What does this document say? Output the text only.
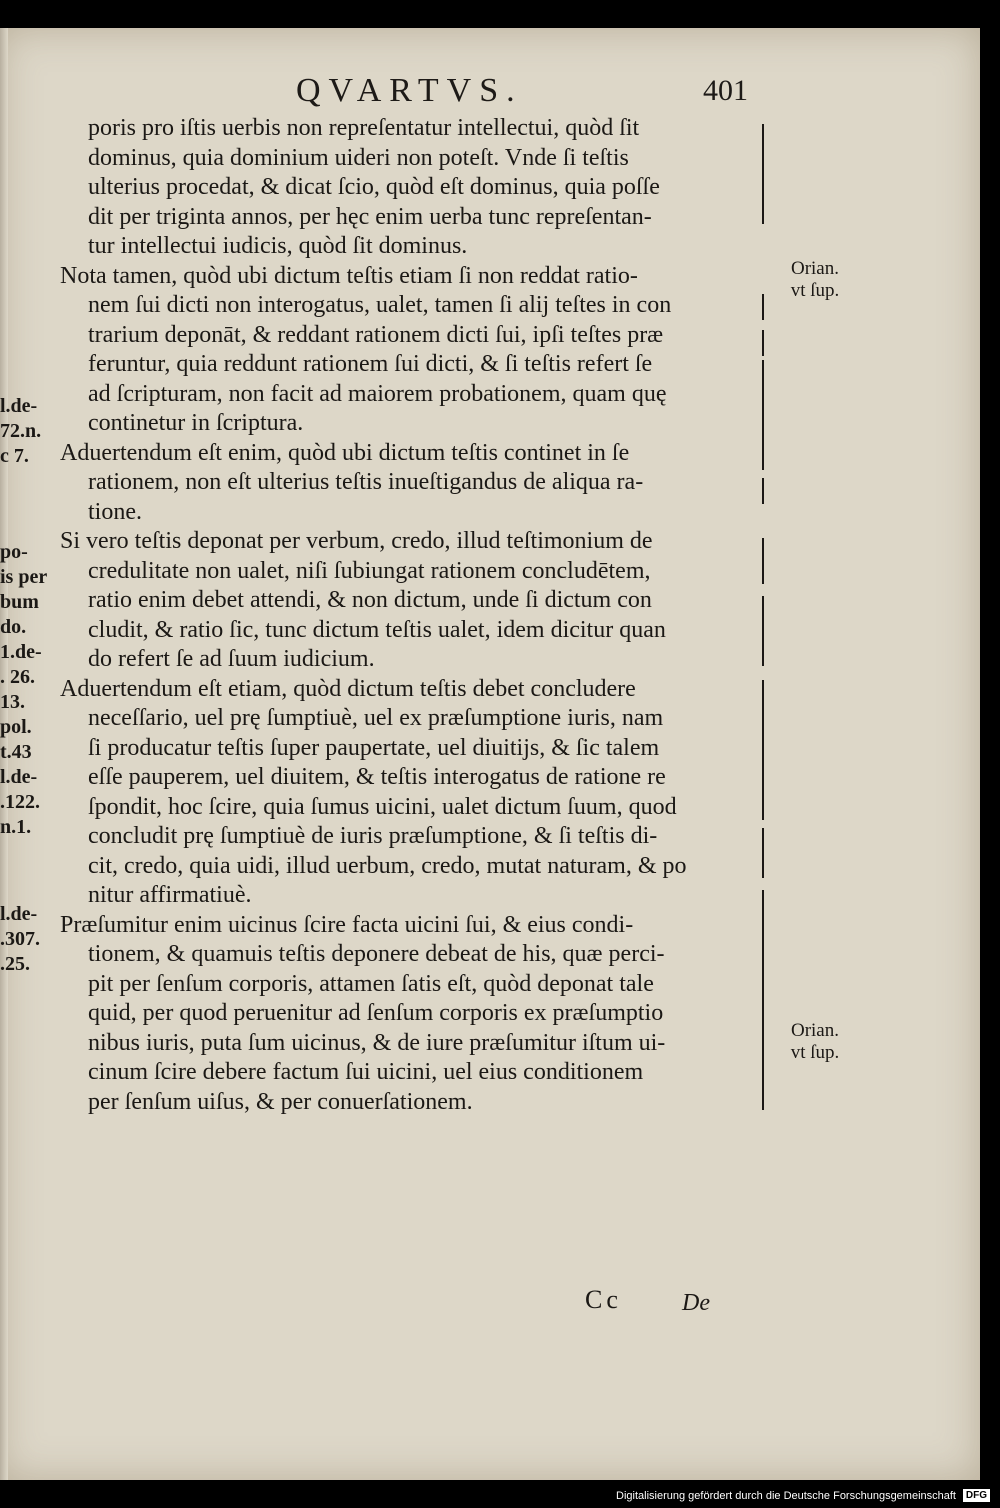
QVARTVS.	401
poris pro iſtis uerbis non repreſentatur intellectui, quòd ſit
dominus, quia dominium uideri non poteſt. Vnde ſi teſtis
ulterius procedat, & dicat ſcio, quòd eſt dominus, quia poſſe
dit per triginta annos, per hęc enim uerba tunc repreſentan-
tur intellectui iudicis, quòd ſit dominus.
Nota tamen, quòd ubi dictum teſtis etiam ſi non reddat ratio-
nem ſui dicti non interogatus, ualet, tamen ſi alij teſtes in con
trarium deponāt, & reddant rationem dicti ſui, ipſi teſtes præ
feruntur, quia reddunt rationem ſui dicti, & ſi teſtis refert ſe
ad ſcripturam, non facit ad maiorem probationem, quam quę
continetur in ſcriptura.
Aduertendum eſt enim, quòd ubi dictum teſtis continet in ſe
rationem, non eſt ulterius teſtis inueſtigandus de aliqua ra-
tione.
Si vero teſtis deponat per verbum, credo, illud teſtimonium de
credulitate non ualet, niſi ſubiungat rationem concludētem,
ratio enim debet attendi, & non dictum, unde ſi dictum con
cludit, & ratio ſic, tunc dictum teſtis ualet, idem dicitur quan
do refert ſe ad ſuum iudicium.
Aduertendum eſt etiam, quòd dictum teſtis debet concludere
neceſſario, uel prę ſumptiuè, uel ex præſumptione iuris, nam
ſi producatur teſtis ſuper paupertate, uel diuitijs, & ſic talem
eſſe pauperem, uel diuitem, & teſtis interogatus de ratione re
ſpondit, hoc ſcire, quia ſumus uicini, ualet dictum ſuum, quod
concludit prę ſumptiuè de iuris præſumptione, & ſi teſtis di-
cit, credo, quia uidi, illud uerbum, credo, mutat naturam, & po
nitur affirmatiuè.
Præſumitur enim uicinus ſcire facta uicini ſui, & eius condi-
tionem, & quamuis teſtis deponere debeat de his, quæ perci-
pit per ſenſum corporis, attamen ſatis eſt, quòd deponat tale
quid, per quod peruenitur ad ſenſum corporis ex præſumptio
nibus iuris, puta ſum uicinus, & de iure præſumitur iſtum ui-
cinum ſcire debere factum ſui uicini, uel eius conditionem
per ſenſum uiſus, & per conuerſationem.
l.de-
72.n.
c 7.
po-
is per
bum
do.
1.de-
. 26.
13.
pol.
t.43
l.de-
.122.
n.1.
l.de-
.307.
.25.
Orian.
vt ſup.
Orian.
vt ſup.
Cc	De
Digitalisierung gefördert durch die Deutsche Forschungsgemeinschaft DFG
